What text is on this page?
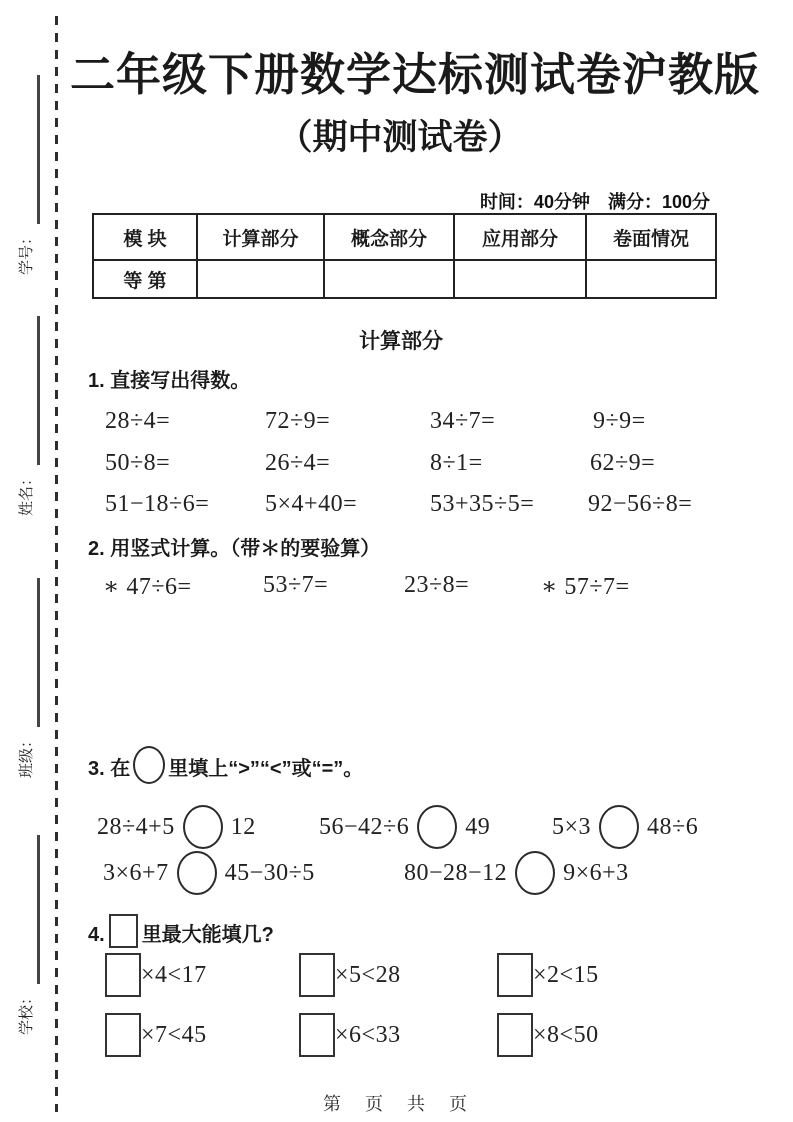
学号：
姓名：
班级：
学校：
二年级下册数学达标测试卷沪教版
（期中测试卷）
时间：40分钟　满分：100分
模 块	计算部分	概念部分	应用部分	卷面情况
等 第				
计算部分
1. 直接写出得数。
28÷4=	72÷9=	34÷7=	9÷9=
50÷8=	26÷4=	8÷1=	62÷9=
51−18÷6= 5×4+40=	53+35÷5= 92−56÷8=
2. 用竖式计算。（带＊的要验算）
∗ 47÷6=	53÷7=	23÷8=	∗ 57÷7=
3. 在 里填上“>”“<”或“=”。
28÷4+5 12	56−42÷6 49	5×3 48÷6
3×6+7 45−30÷5	80−28−12 9×6+3
4. 里最大能填几?
×4<17	×5<28	×2<15
×7<45	×6<33	×8<50
第　页　共　页
